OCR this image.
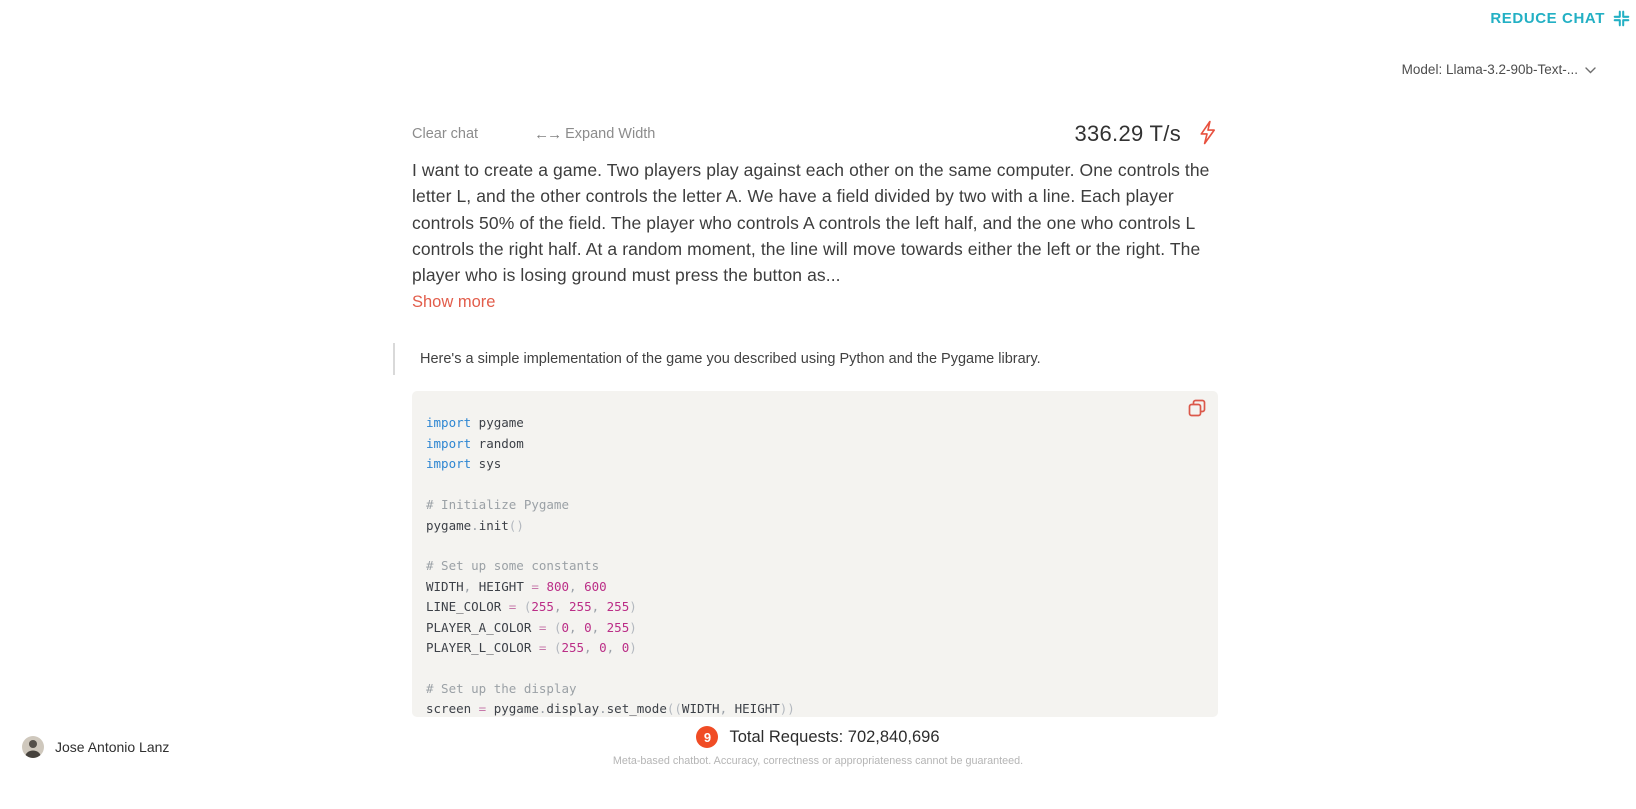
REDUCE CHAT
Model: Llama-3.2-90b-Text-...
Clear chat	←→ Expand Width	336.29 T/s

I want to create a game. Two players play against each other on the same computer. One controls the letter L, and the other controls the letter A. We have a field divided by two with a line. Each player controls 50% of the field. The player who controls A controls the left half, and the one who controls L controls the right half. At a random moment, the line will move towards either the left or the right. The player who is losing ground must press the button as...

Show more
Here's a simple implementation of the game you described using Python and the Pygame library.
import pygame
import random
import sys

# Initialize Pygame
pygame.init()

# Set up some constants
WIDTH, HEIGHT = 800, 600
LINE_COLOR = (255, 255, 255)
PLAYER_A_COLOR = (0, 0, 255)
PLAYER_L_COLOR = (255, 0, 0)

# Set up the display
screen = pygame.display.set_mode((WIDTH, HEIGHT))
Jose Antonio Lanz
9	Total Requests: 702,840,696
Meta-based chatbot. Accuracy, correctness or appropriateness cannot be guaranteed.
